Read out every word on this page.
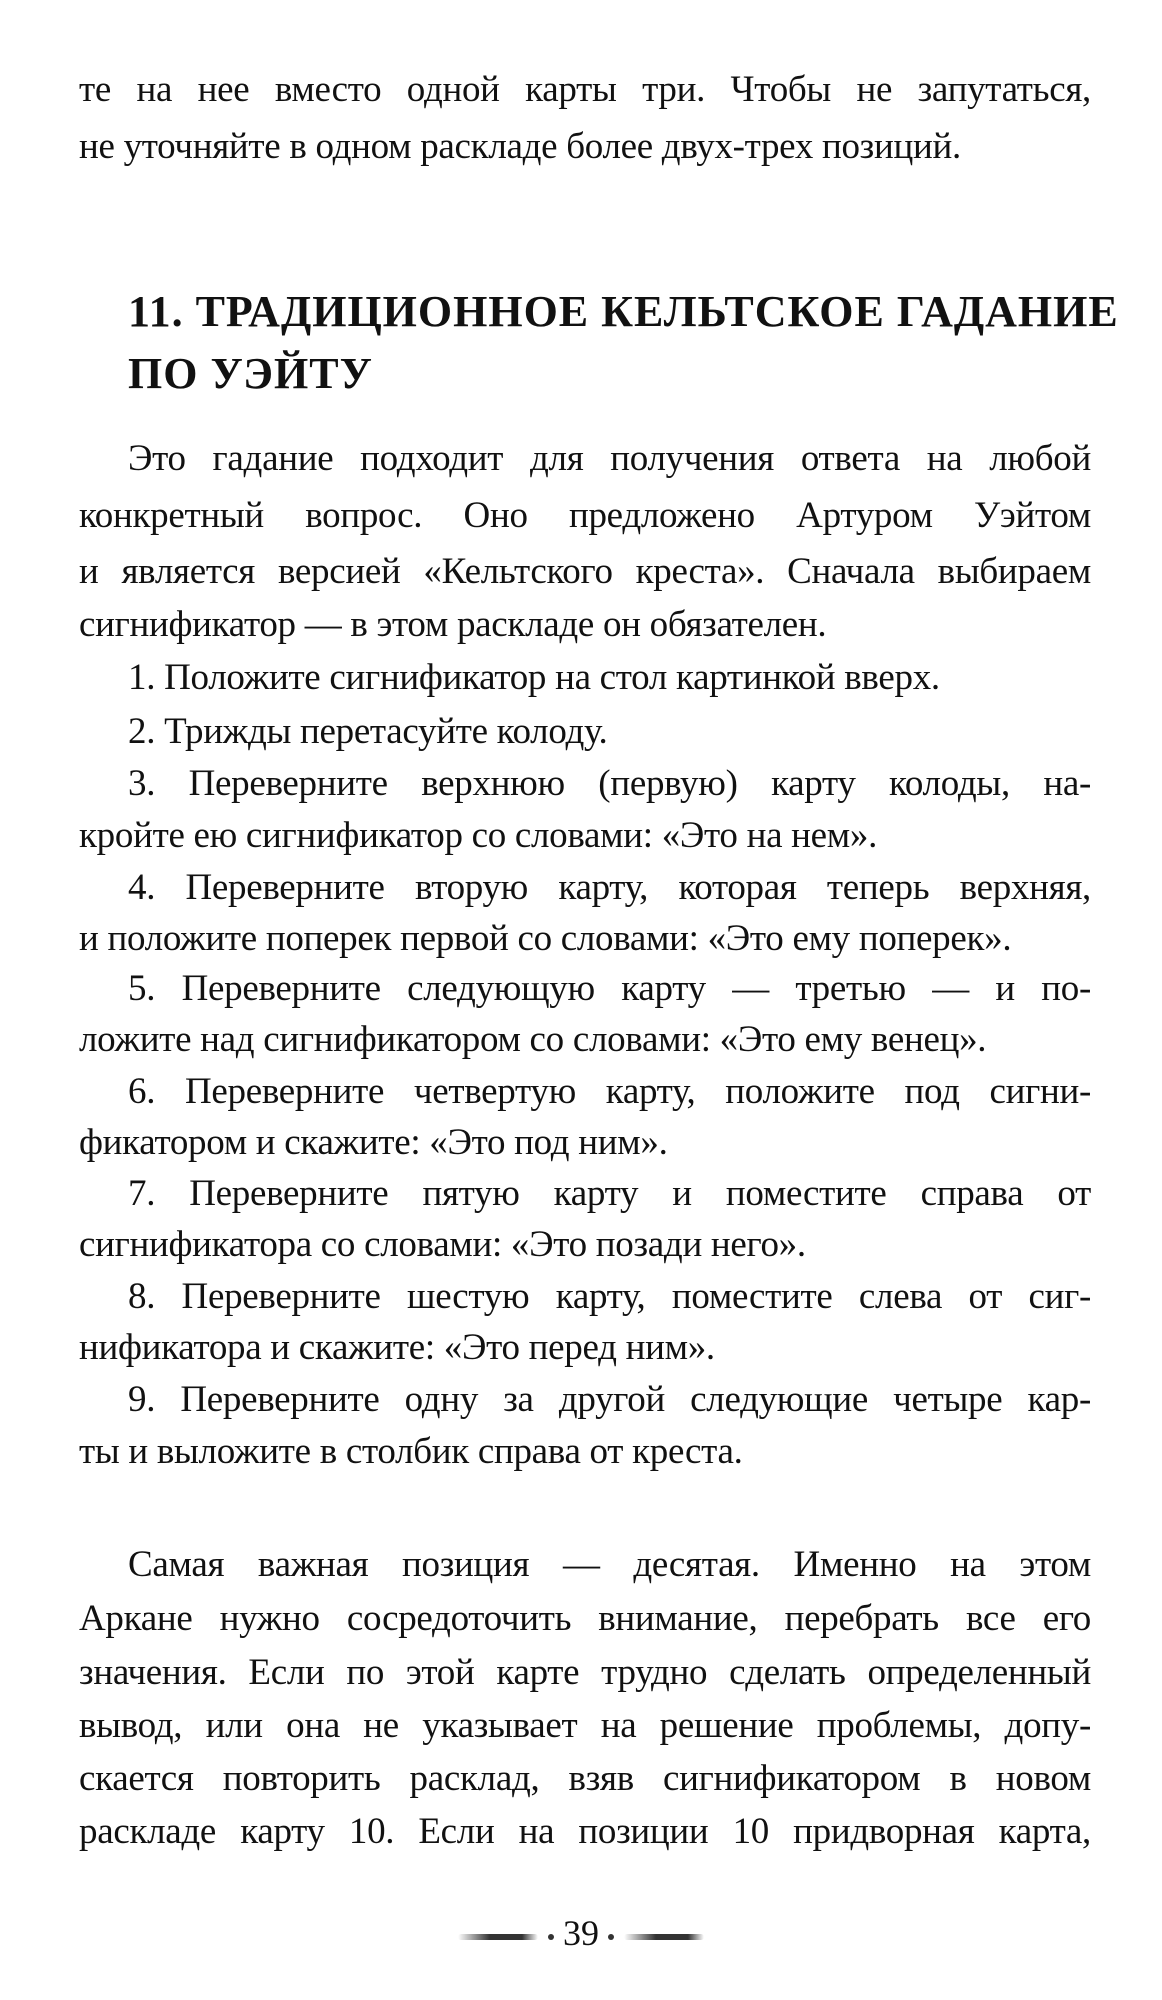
те на нее вместо одной карты три. Чтобы не запутаться,
не уточняйте в одном раскладе более двух-трех позиций.
11. ТРАДИЦИОННОЕ КЕЛЬТСКОЕ ГАДАНИЕ
ПО УЭЙТУ
Это гадание подходит для получения ответа на любой
конкретный вопрос. Оно предложено Артуром Уэйтом
и является версией «Кельтского креста». Сначала выбираем
сигнификатор — в этом раскладе он обязателен.
1. Положите сигнификатор на стол картинкой вверх.
2. Трижды перетасуйте колоду.
3. Переверните верхнюю (первую) карту колоды, на-
кройте ею сигнификатор со словами: «Это на нем».
4. Переверните вторую карту, которая теперь верхняя,
и положите поперек первой со словами: «Это ему поперек».
5. Переверните следующую карту — третью — и по-
ложите над сигнификатором со словами: «Это ему венец».
6. Переверните четвертую карту, положите под сигни-
фикатором и скажите: «Это под ним».
7. Переверните пятую карту и поместите справа от
сигнификатора со словами: «Это позади него».
8. Переверните шестую карту, поместите слева от сиг-
нификатора и скажите: «Это перед ним».
9. Переверните одну за другой следующие четыре кар-
ты и выложите в столбик справа от креста.
Самая важная позиция — десятая. Именно на этом
Аркане нужно сосредоточить внимание, перебрать все его
значения. Если по этой карте трудно сделать определенный
вывод, или она не указывает на решение проблемы, допу-
скается повторить расклад, взяв сигнификатором в новом
раскладе карту 10. Если на позиции 10 придворная карта,
39
